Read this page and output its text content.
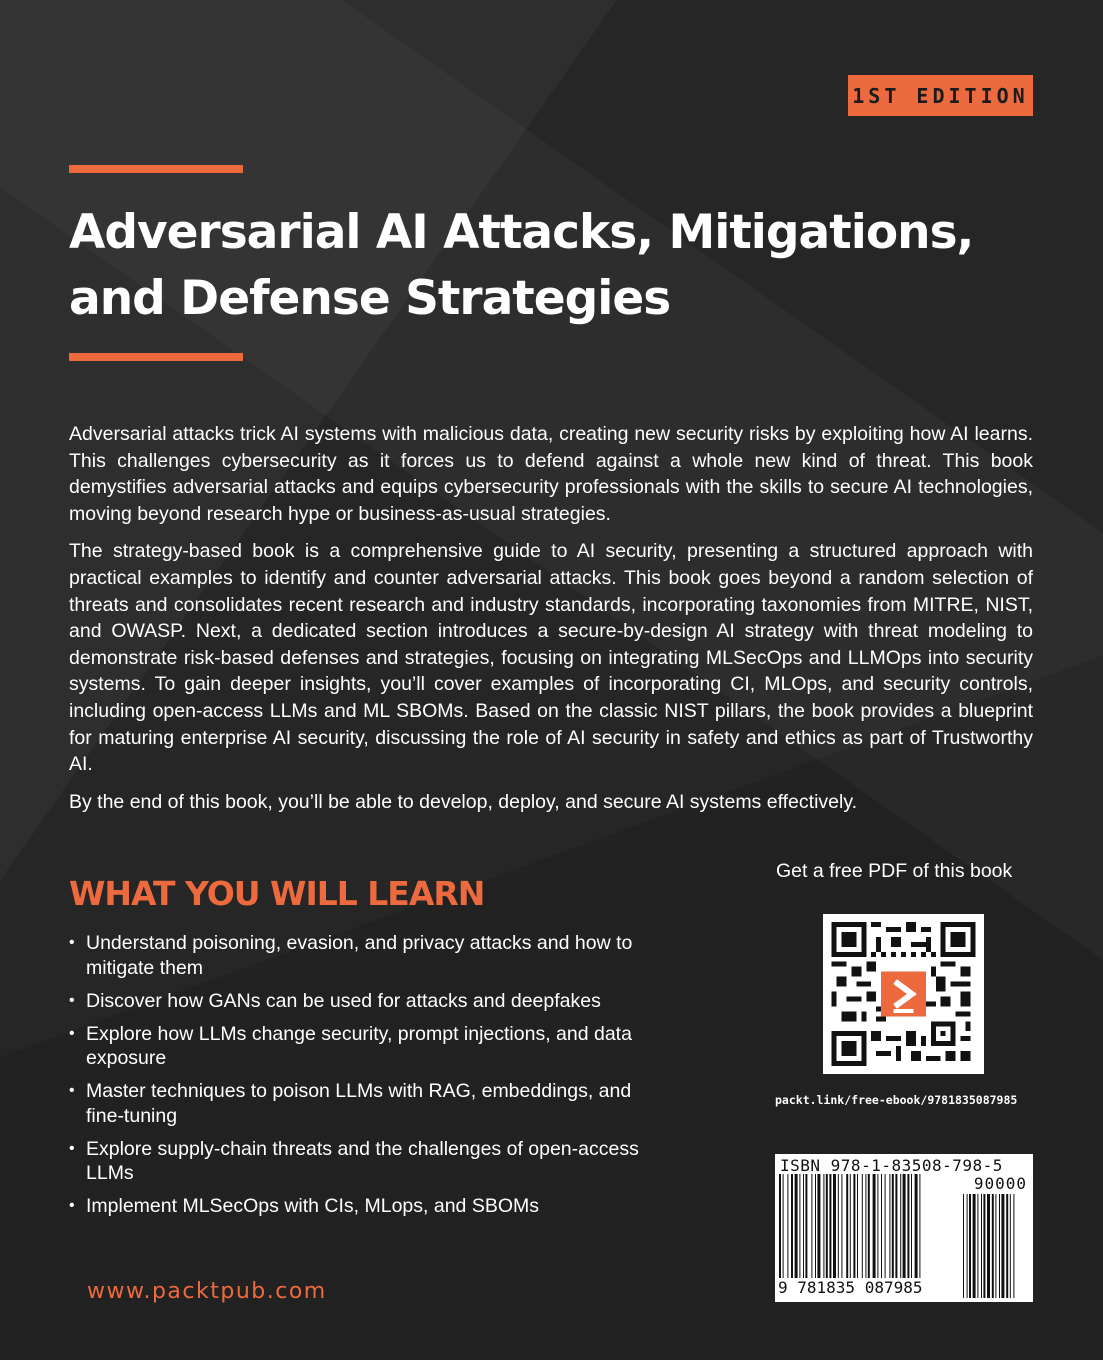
1ST EDITION
Adversarial AI Attacks, Mitigations,
and Defense Strategies

Adversarial attacks trick AI systems with malicious data, creating new security risks by exploiting how AI learns. This challenges cybersecurity as it forces us to defend against a whole new kind of threat. This book demystifies adversarial attacks and equips cybersecurity professionals with the skills to secure AI technologies, moving beyond research hype or business-as-usual strategies.

The strategy-based book is a comprehensive guide to AI security, presenting a structured approach with practical examples to identify and counter adversarial attacks. This book goes beyond a random selection of threats and consolidates recent research and industry standards, incorporating taxonomies from MITRE, NIST, and OWASP. Next, a dedicated section introduces a secure-by-design AI strategy with threat modeling to demonstrate risk-based defenses and strategies, focusing on integrating MLSecOps and LLMOps into security systems. To gain deeper insights, you’ll cover examples of incorporating CI, MLOps, and security controls, including open-access LLMs and ML SBOMs. Based on the classic NIST pillars, the book provides a blueprint for maturing enterprise AI security, discussing the role of AI security in safety and ethics as part of Trustworthy AI.

By the end of this book, you’ll be able to develop, deploy, and secure AI systems effectively.

WHAT YOU WILL LEARN
• Understand poisoning, evasion, and privacy attacks and how to mitigate them
• Discover how GANs can be used for attacks and deepfakes
• Explore how LLMs change security, prompt injections, and data exposure
• Master techniques to poison LLMs with RAG, embeddings, and fine-tuning
• Explore supply-chain threats and the challenges of open-access LLMs
• Implement MLSecOps with CIs, MLops, and SBOMs
www.packtpub.com
Get a free PDF of this book
packt.link/free-ebook/9781835087985
ISBN 978-1-83508-798-5
90000
9 781835 087985
